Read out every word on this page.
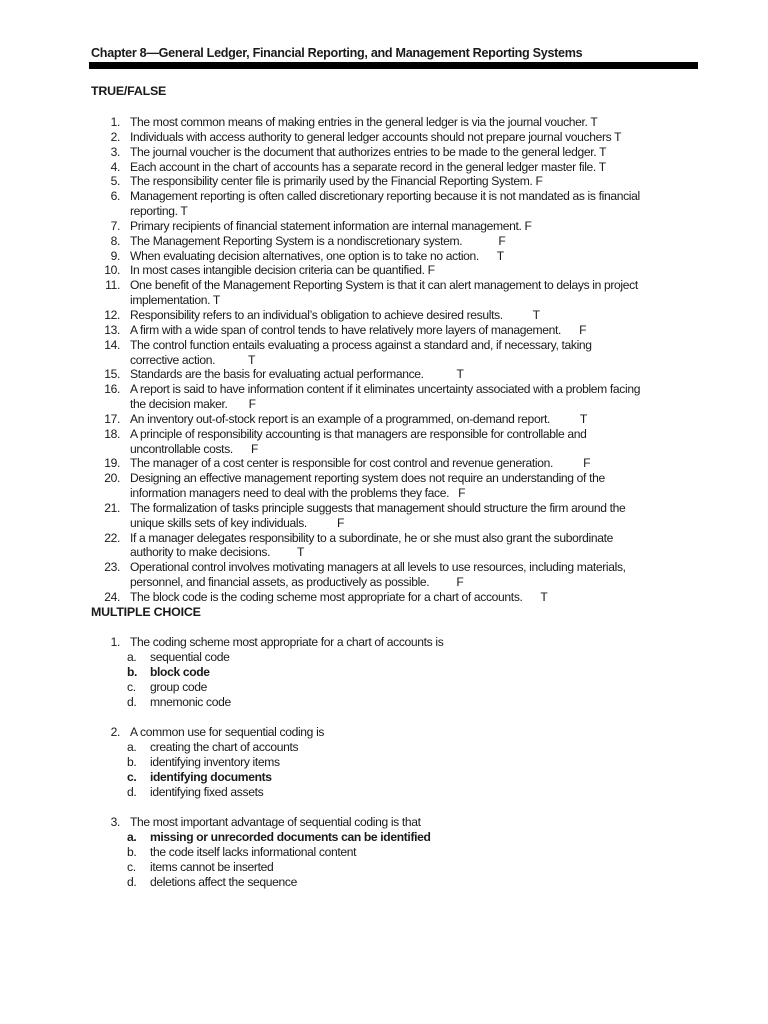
Chapter 8—General Ledger, Financial Reporting, and Management Reporting Systems
TRUE/FALSE
1. The most common means of making entries in the general ledger is via the journal voucher. T
2. Individuals with access authority to general ledger accounts should not prepare journal vouchers T
3. The journal voucher is the document that authorizes entries to be made to the general ledger. T
4. Each account in the chart of accounts has a separate record in the general ledger master file. T
5. The responsibility center file is primarily used by the Financial Reporting System. F
6. Management reporting is often called discretionary reporting because it is not mandated as is financial
reporting. T
7. Primary recipients of financial statement information are internal management. F
8. The Management Reporting System is a nondiscretionary system.            F
9. When evaluating decision alternatives, one option is to take no action.      T
10. In most cases intangible decision criteria can be quantified. F
11. One benefit of the Management Reporting System is that it can alert management to delays in project
implementation. T
12. Responsibility refers to an individual’s obligation to achieve desired results.          T
13. A firm with a wide span of control tends to have relatively more layers of management.      F
14. The control function entails evaluating a process against a standard and, if necessary, taking
corrective action.           T
15. Standards are the basis for evaluating actual performance.           T
16. A report is said to have information content if it eliminates uncertainty associated with a problem facing
the decision maker.       F
17. An inventory out-of-stock report is an example of a programmed, on-demand report.          T
18. A principle of responsibility accounting is that managers are responsible for controllable and
uncontrollable costs.      F
19. The manager of a cost center is responsible for cost control and revenue generation.          F
20. Designing an effective management reporting system does not require an understanding of the
information managers need to deal with the problems they face.   F
21. The formalization of tasks principle suggests that management should structure the firm around the
unique skills sets of key individuals.          F
22. If a manager delegates responsibility to a subordinate, he or she must also grant the subordinate
authority to make decisions.         T
23. Operational control involves motivating managers at all levels to use resources, including materials,
personnel, and financial assets, as productively as possible.         F
24. The block code is the coding scheme most appropriate for a chart of accounts.      T
MULTIPLE CHOICE
1. The coding scheme most appropriate for a chart of accounts is
a. sequential code
b. block code
c. group code
d. mnemonic code
2. A common use for sequential coding is
a. creating the chart of accounts
b. identifying inventory items
c. identifying documents
d. identifying fixed assets
3. The most important advantage of sequential coding is that
a. missing or unrecorded documents can be identified
b. the code itself lacks informational content
c. items cannot be inserted
d. deletions affect the sequence
